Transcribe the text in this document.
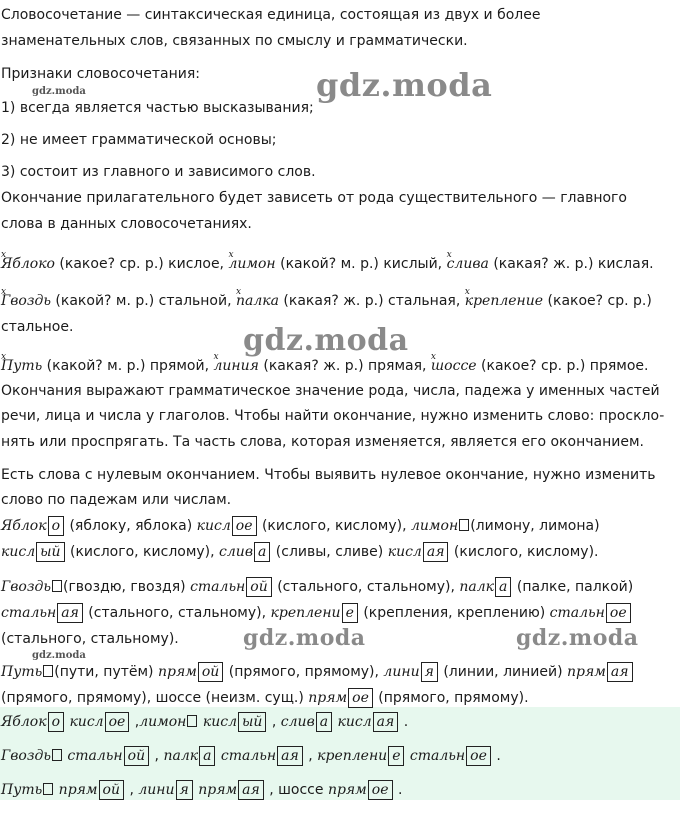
gdz.moda
gdz.moda
gdz.moda
gdz.moda	gdz.moda
gdz.moda
Словосочетание — синтаксическая единица, состоящая из двух и более
знаменательных слов, связанных по смыслу и грамматически.
Признаки словосочетания:
1) всегда является частью высказывания;
2) не имеет грамматической основы;
3) состоит из главного и зависимого слов.
Окончание прилагательного будет зависеть от рода существительного — главного
слова в данных словосочетаниях.
x Яблоко (какое? ср. р.) кислое, x лимон (какой? м. р.) кислый, x слива (какая? ж. р.) кислая.
x Гвоздь (какой? м. р.) стальной, x палка (какая? ж. р.) стальная, x крепление (какое? ср. р.)
стальное.
x Путь (какой? м. р.) прямой, x линия (какая? ж. р.) прямая, x шоссе (какое? ср. р.) прямое.
Окончания выражают грамматическое значение рода, числа, падежа у именных частей
речи, лица и числа у глаголов. Чтобы найти окончание, нужно изменить слово: просклo-
нять или проспрягать. Та часть слова, которая изменяется, является его окончанием.
Есть слова с нулевым окончанием. Чтобы выявить нулевое окончание, нужно изменить
слово по падежам или числам.
Яблок о (яблоку, яблока) кисл ое (кислого, кислому), лимон (лимону, лимона)
кисл ый (кислого, кислому), слив а (сливы, сливе) кисл ая (кислого, кислому).
Гвоздь (гвоздю, гвоздя) стальн ой (стального, стальному), палк а (палке, палкой)
стальн ая (стального, стальному), креплени е (крепления, креплению) стальн ое
(стального, стальному).
Путь (пути, путём) прям ой (прямого, прямому), лини я (линии, линией) прям ая
(прямого, прямому), шоссе (неизм. сущ.) прям ое (прямого, прямому).
Яблок о кисл ое ,лимон кисл ый , слив а кисл ая .
Гвоздь стальн ой , палк а стальн ая , креплени е стальн ое .
Путь прям ой , лини я прям ая , шоссе прям ое .
